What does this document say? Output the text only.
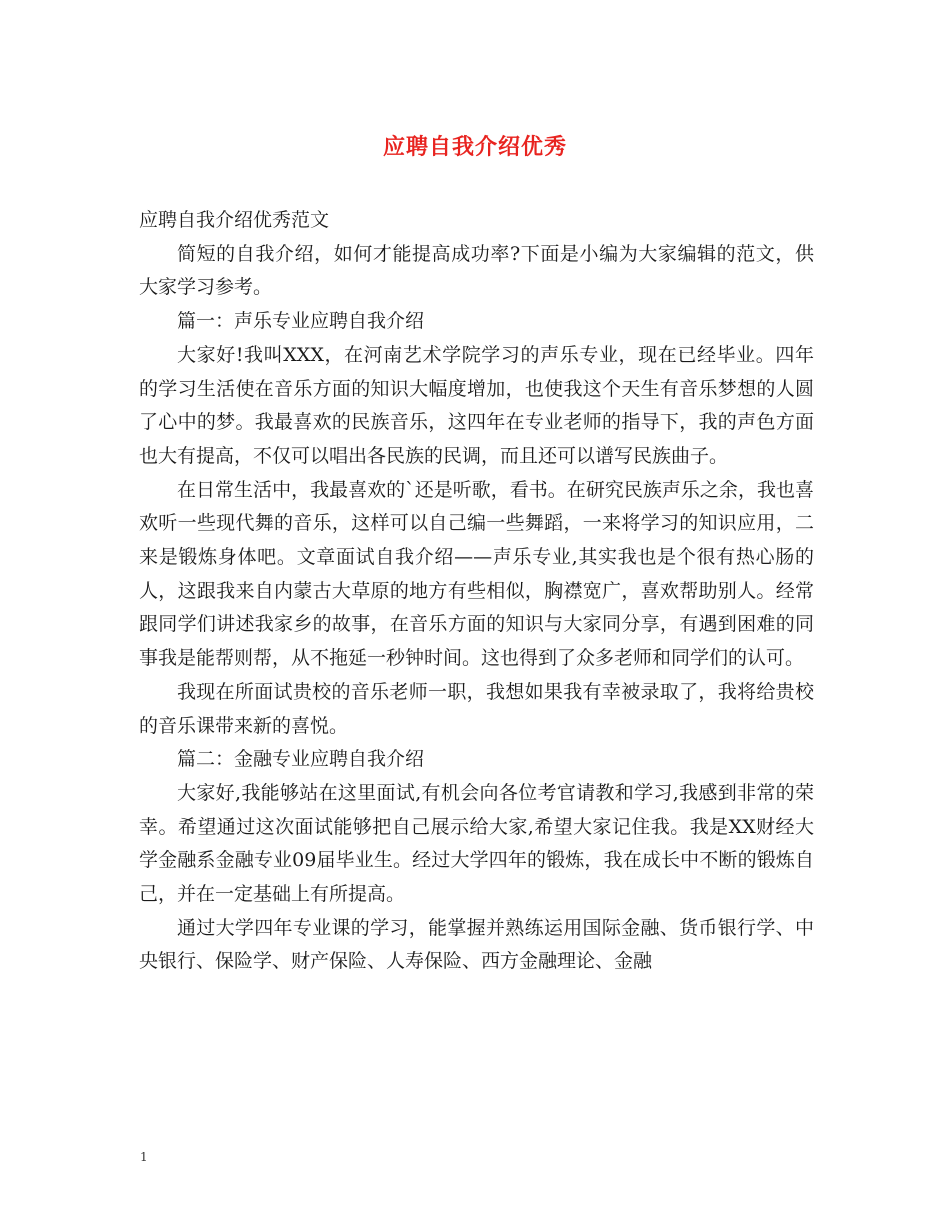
应聘自我介绍优秀

应聘自我介绍优秀范文

简短的自我介绍，如何才能提高成功率?下面是小编为大家编辑的范文，供大家学习参考。

篇一：声乐专业应聘自我介绍

大家好!我叫XXX，在河南艺术学院学习的声乐专业，现在已经毕业。四年的学习生活使在音乐方面的知识大幅度增加，也使我这个天生有音乐梦想的人圆了心中的梦。我最喜欢的民族音乐，这四年在专业老师的指导下，我的声色方面也大有提高，不仅可以唱出各民族的民调，而且还可以谱写民族曲子。

在日常生活中，我最喜欢的`还是听歌，看书。在研究民族声乐之余，我也喜欢听一些现代舞的音乐，这样可以自己编一些舞蹈，一来将学习的知识应用，二来是锻炼身体吧。文章面试自我介绍——声乐专业,其实我也是个很有热心肠的人，这跟我来自内蒙古大草原的地方有些相似，胸襟宽广，喜欢帮助别人。经常跟同学们讲述我家乡的故事，在音乐方面的知识与大家同分享，有遇到困难的同事我是能帮则帮，从不拖延一秒钟时间。这也得到了众多老师和同学们的认可。

我现在所面试贵校的音乐老师一职，我想如果我有幸被录取了，我将给贵校的音乐课带来新的喜悦。

篇二：金融专业应聘自我介绍

大家好,我能够站在这里面试,有机会向各位考官请教和学习,我感到非常的荣幸。希望通过这次面试能够把自己展示给大家,希望大家记住我。我是XX财经大学金融系金融专业09届毕业生。经过大学四年的锻炼，我在成长中不断的锻炼自己，并在一定基础上有所提高。

通过大学四年专业课的学习，能掌握并熟练运用国际金融、货币银行学、中央银行、保险学、财产保险、人寿保险、西方金融理论、金融

1
